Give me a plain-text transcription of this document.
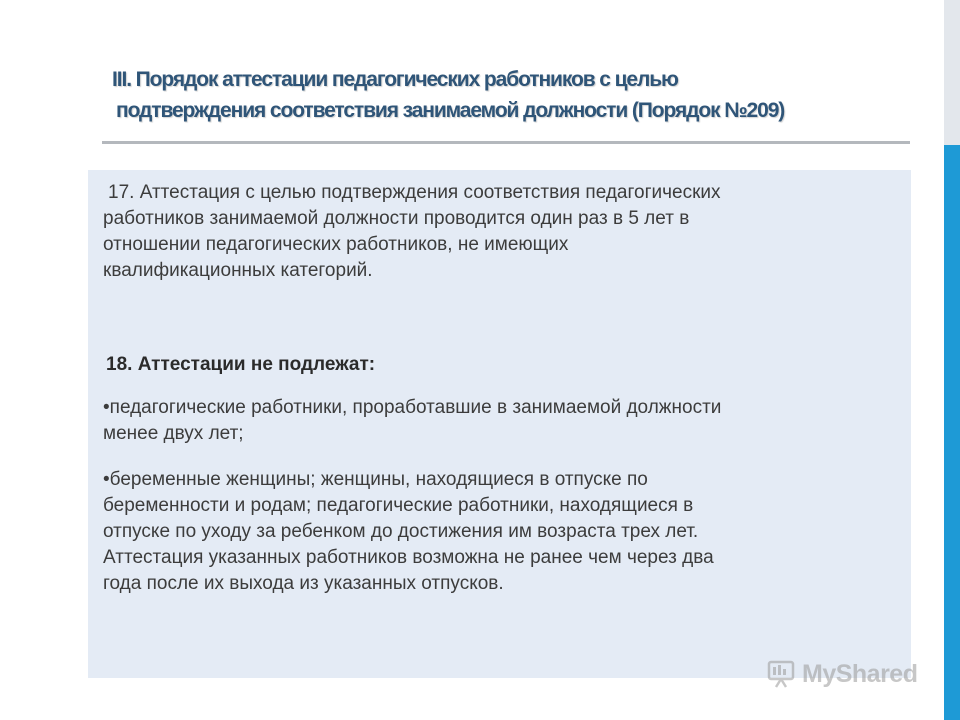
III. Порядок аттестации педагогических работников с целью
подтверждения соответствия занимаемой должности (Порядок №209)

17. Аттестация с целью подтверждения соответствия педагогических
работников занимаемой должности проводится один раз в 5 лет в
отношении педагогических работников, не имеющих
квалификационных категорий.

18. Аттестации не подлежат:

•педагогические работники, проработавшие в занимаемой должности
менее двух лет;

•беременные женщины; женщины, находящиеся в отпуске по
беременности и родам; педагогические работники, находящиеся в
отпуске по уходу за ребенком до достижения им возраста трех лет.
Аттестация указанных работников возможна не ранее чем через два
года после их выхода из указанных отпусков.

MyShared
